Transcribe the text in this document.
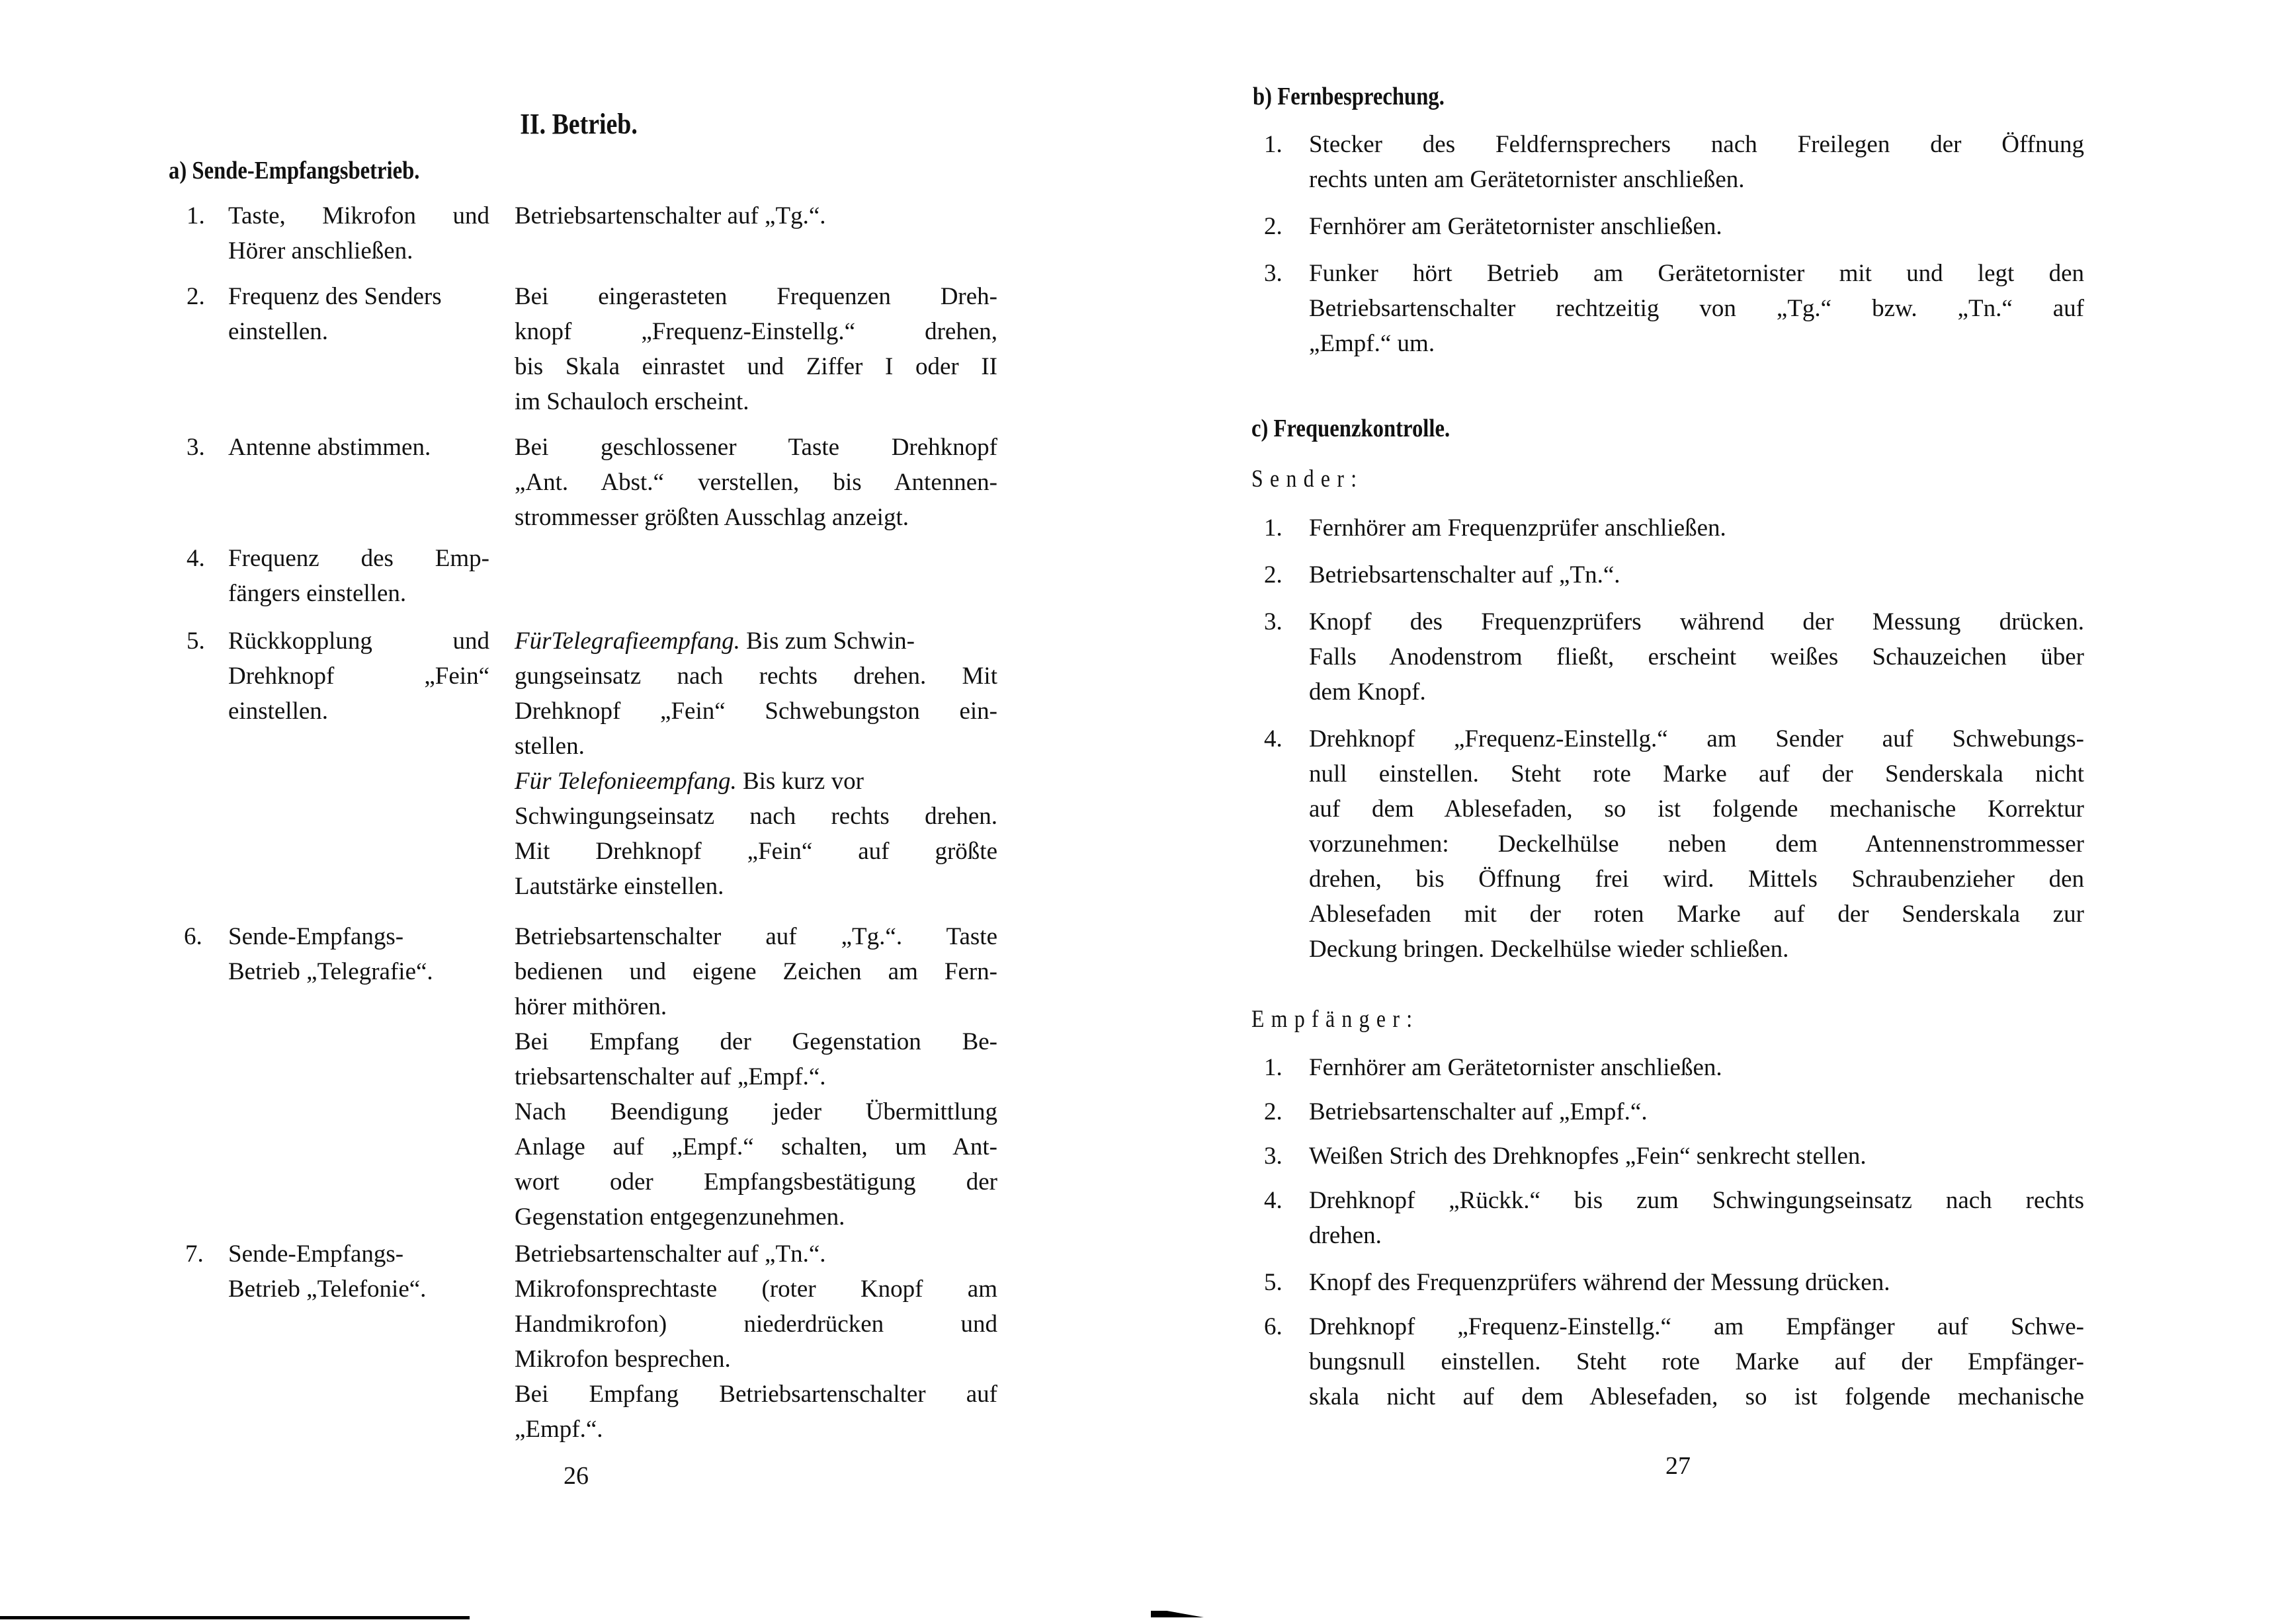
II. Betrieb.
a) Sende-Empfangsbetrieb.
1. Taste, Mikrofon und
Hörer anschließen.
Betriebsartenschalter auf „Tg.“.
2. Frequenz des Senders
einstellen.
Bei eingerasteten Frequenzen Dreh-
knopf „Frequenz-Einstellg.“ drehen,
bis Skala einrastet und Ziffer I oder II
im Schauloch erscheint.
3. Antenne abstimmen.	Bei geschlossener Taste Drehknopf
„Ant. Abst.“ verstellen, bis Antennen-
strommesser größten Ausschlag anzeigt.
4. Frequenz des Emp-
fängers einstellen.
5. Rückkopplung und
Drehknopf „Fein“
einstellen.
FürTelegrafieempfang. Bis zum Schwin-
gungseinsatz nach rechts drehen. Mit
Drehknopf „Fein“ Schwebungston ein-
stellen.
Für Telefonieempfang. Bis kurz vor
Schwingungseinsatz nach rechts drehen.
Mit Drehknopf „Fein“ auf größte
Lautstärke einstellen.
6. Sende-Empfangs-
Betrieb „Telegrafie“.
Betriebsartenschalter auf „Tg.“. Taste
bedienen und eigene Zeichen am Fern-
hörer mithören.
Bei Empfang der Gegenstation Be-
triebsartenschalter auf „Empf.“.
Nach Beendigung jeder Übermittlung
Anlage auf „Empf.“ schalten, um Ant-
wort oder Empfangsbestätigung der
Gegenstation entgegenzunehmen.
7. Sende-Empfangs-
Betrieb „Telefonie“.
Betriebsartenschalter auf „Tn.“.
Mikrofonsprechtaste (roter Knopf am
Handmikrofon) niederdrücken und
Mikrofon besprechen.
Bei Empfang Betriebsartenschalter auf
„Empf.“.
26
b) Fernbesprechung.
1. Stecker des Feldfernsprechers nach Freilegen der Öffnung
rechts unten am Gerätetornister anschließen.
2. Fernhörer am Gerätetornister anschließen.
3. Funker hört Betrieb am Gerätetornister mit und legt den
Betriebsartenschalter rechtzeitig von „Tg.“ bzw. „Tn.“ auf
„Empf.“ um.
c) Frequenzkontrolle.
Sender:
1. Fernhörer am Frequenzprüfer anschließen.
2. Betriebsartenschalter auf „Tn.“.
3. Knopf des Frequenzprüfers während der Messung drücken.
Falls Anodenstrom fließt, erscheint weißes Schauzeichen über
dem Knopf.
4. Drehknopf „Frequenz-Einstellg.“ am Sender auf Schwebungs-
null einstellen. Steht rote Marke auf der Senderskala nicht
auf dem Ablesefaden, so ist folgende mechanische Korrektur
vorzunehmen: Deckelhülse neben dem Antennenstrommesser
drehen, bis Öffnung frei wird. Mittels Schraubenzieher den
Ablesefaden mit der roten Marke auf der Senderskala zur
Deckung bringen. Deckelhülse wieder schließen.
Empfänger:
1. Fernhörer am Gerätetornister anschließen.
2. Betriebsartenschalter auf „Empf.“.
3. Weißen Strich des Drehknopfes „Fein“ senkrecht stellen.
4. Drehknopf „Rückk.“ bis zum Schwingungseinsatz nach rechts
drehen.
5. Knopf des Frequenzprüfers während der Messung drücken.
6. Drehknopf „Frequenz-Einstellg.“ am Empfänger auf Schwe-
bungsnull einstellen. Steht rote Marke auf der Empfänger-
skala nicht auf dem Ablesefaden, so ist folgende mechanische
27
